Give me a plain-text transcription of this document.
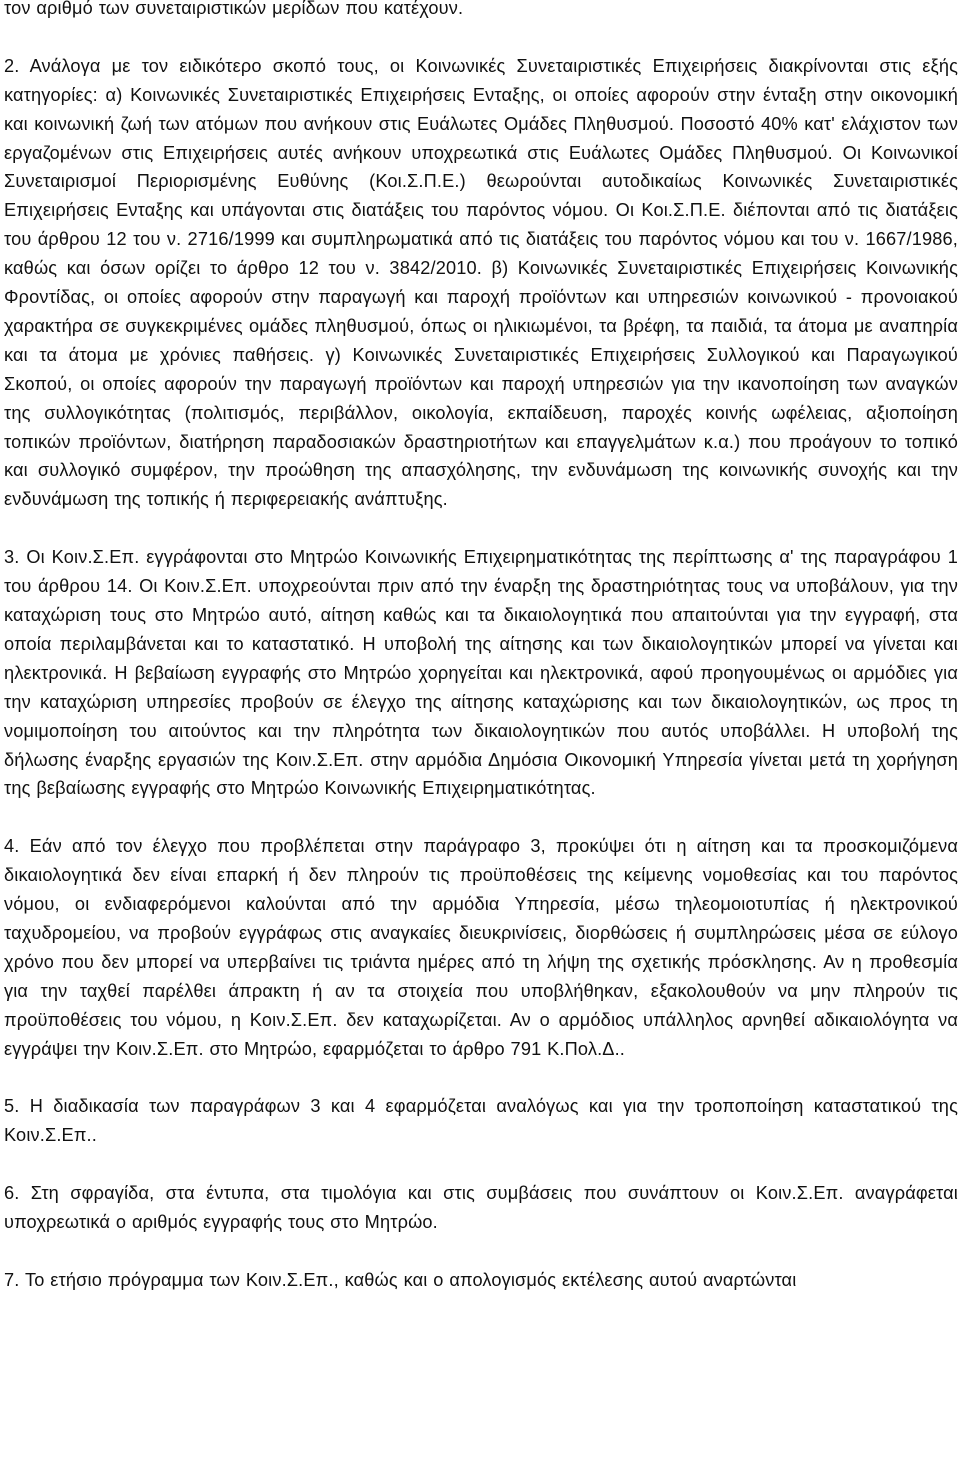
τον αριθμό των συνεταιριστικών μερίδων που κατέχουν.

2. Ανάλογα με τον ειδικότερο σκοπό τους, οι Κοινωνικές Συνεταιριστικές Επιχειρήσεις διακρίνονται στις εξής κατηγορίες: α) Κοινωνικές Συνεταιριστικές Επιχειρήσεις Ενταξης, οι οποίες αφορούν στην ένταξη στην οικονομική και κοινωνική ζωή των ατόμων που ανήκουν στις Ευάλωτες Ομάδες Πληθυσμού. Ποσοστό 40% κατ' ελάχιστον των εργαζομένων στις Επιχειρήσεις αυτές ανήκουν υποχρεωτικά στις Ευάλωτες Ομάδες Πληθυσμού. Οι Κοινωνικοί Συνεταιρισμοί Περιορισμένης Ευθύνης (Κοι.Σ.Π.Ε.) θεωρούνται αυτοδικαίως Κοινωνικές Συνεταιριστικές Επιχειρήσεις Ενταξης και υπάγονται στις διατάξεις του παρόντος νόμου. Οι Κοι.Σ.Π.Ε. διέπονται από τις διατάξεις του άρθρου 12 του ν. 2716/1999 και συμπληρωματικά από τις διατάξεις του παρόντος νόμου και του ν. 1667/1986, καθώς και όσων ορίζει το άρθρο 12 του ν. 3842/2010. β) Κοινωνικές Συνεταιριστικές Επιχειρήσεις Κοινωνικής Φροντίδας, οι οποίες αφορούν στην παραγωγή και παροχή προϊόντων και υπηρεσιών κοινωνικού - προνοιακού χαρακτήρα σε συγκεκριμένες ομάδες πληθυσμού, όπως οι ηλικιωμένοι, τα βρέφη, τα παιδιά, τα άτομα με αναπηρία και τα άτομα με χρόνιες παθήσεις. γ) Κοινωνικές Συνεταιριστικές Επιχειρήσεις Συλλογικού και Παραγωγικού Σκοπού, οι οποίες αφορούν την παραγωγή προϊόντων και παροχή υπηρεσιών για την ικανοποίηση των αναγκών της συλλογικότητας (πολιτισμός, περιβάλλον, οικολογία, εκπαίδευση, παροχές κοινής ωφέλειας, αξιοποίηση τοπικών προϊόντων, διατήρηση παραδοσιακών δραστηριοτήτων και επαγγελμάτων κ.α.) που προάγουν το τοπικό και συλλογικό συμφέρον, την προώθηση της απασχόλησης, την ενδυνάμωση της κοινωνικής συνοχής και την ενδυνάμωση της τοπικής ή περιφερειακής ανάπτυξης.

3. Οι Κοιν.Σ.Επ. εγγράφονται στο Μητρώο Κοινωνικής Επιχειρηματικότητας της περίπτωσης α' της παραγράφου 1 του άρθρου 14. Οι Κοιν.Σ.Επ. υποχρεούνται πριν από την έναρξη της δραστηριότητας τους να υποβάλουν, για την καταχώριση τους στο Μητρώο αυτό, αίτηση καθώς και τα δικαιολογητικά που απαιτούνται για την εγγραφή, στα οποία περιλαμβάνεται και το καταστατικό. Η υποβολή της αίτησης και των δικαιολογητικών μπορεί να γίνεται και ηλεκτρονικά. Η βεβαίωση εγγραφής στο Μητρώο χορηγείται και ηλεκτρονικά, αφού προηγουμένως οι αρμόδιες για την καταχώριση υπηρεσίες προβούν σε έλεγχο της αίτησης καταχώρισης και των δικαιολογητικών, ως προς τη νομιμοποίηση του αιτούντος και την πληρότητα των δικαιολογητικών που αυτός υποβάλλει. Η υποβολή της δήλωσης έναρξης εργασιών της Κοιν.Σ.Επ. στην αρμόδια Δημόσια Οικονομική Υπηρεσία γίνεται μετά τη χορήγηση της βεβαίωσης εγγραφής στο Μητρώο Κοινωνικής Επιχειρηματικότητας.

4. Εάν από τον έλεγχο που προβλέπεται στην παράγραφο 3, προκύψει ότι η αίτηση και τα προσκομιζόμενα δικαιολογητικά δεν είναι επαρκή ή δεν πληρούν τις προϋποθέσεις της κείμενης νομοθεσίας και του παρόντος νόμου, οι ενδιαφερόμενοι καλούνται από την αρμόδια Υπηρεσία, μέσω τηλεομοιοτυπίας ή ηλεκτρονικού ταχυδρομείου, να προβούν εγγράφως στις αναγκαίες διευκρινίσεις, διορθώσεις ή συμπληρώσεις μέσα σε εύλογο χρόνο που δεν μπορεί να υπερβαίνει τις τριάντα ημέρες από τη λήψη της σχετικής πρόσκλησης. Αν η προθεσμία για την ταχθεί παρέλθει άπρακτη ή αν τα στοιχεία που υποβλήθηκαν, εξακολουθούν να μην πληρούν τις προϋποθέσεις του νόμου, η Κοιν.Σ.Επ. δεν καταχωρίζεται. Αν ο αρμόδιος υπάλληλος αρνηθεί αδικαιολόγητα να εγγράψει την Κοιν.Σ.Επ. στο Μητρώο, εφαρμόζεται το άρθρο 791 Κ.Πολ.Δ..

5. Η διαδικασία των παραγράφων 3 και 4 εφαρμόζεται αναλόγως και για την τροποποίηση καταστατικού της Κοιν.Σ.Επ..

6. Στη σφραγίδα, στα έντυπα, στα τιμολόγια και στις συμβάσεις που συνάπτουν οι Κοιν.Σ.Επ. αναγράφεται υποχρεωτικά ο αριθμός εγγραφής τους στο Μητρώο.

7. Το ετήσιο πρόγραμμα των Κοιν.Σ.Επ., καθώς και ο απολογισμός εκτέλεσης αυτού αναρτώνται
